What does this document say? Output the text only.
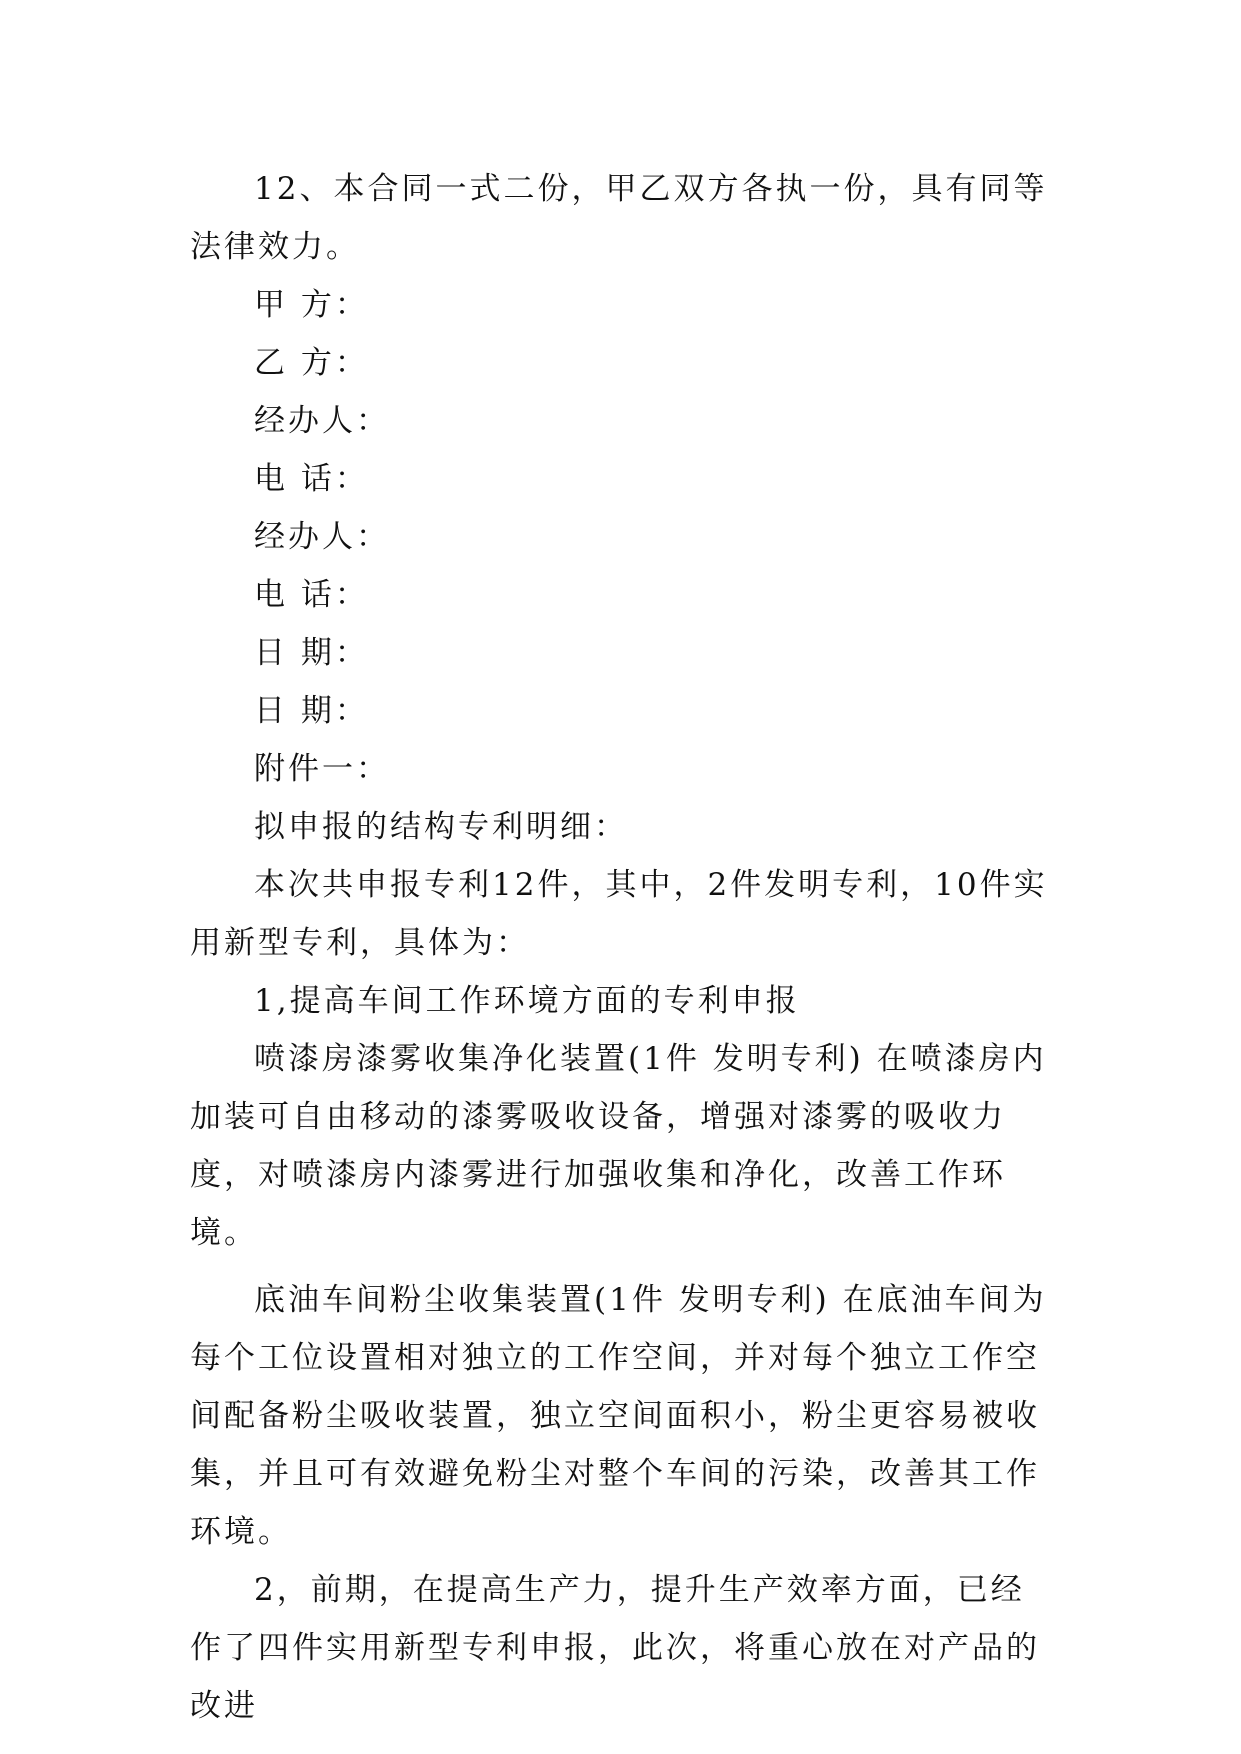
12、本合同一式二份，甲乙双方各执一份，具有同等法律效力。

甲 方：

乙 方：

经办人：

电 话：

经办人：

电 话：

日 期：

日 期：

附件一：

拟申报的结构专利明细：

本次共申报专利12件，其中，2件发明专利，10件实用新型专利，具体为：

1,提高车间工作环境方面的专利申报

喷漆房漆雾收集净化装置(1件 发明专利) 在喷漆房内加装可自由移动的漆雾吸收设备，增强对漆雾的吸收力度，对喷漆房内漆雾进行加强收集和净化，改善工作环境。

底油车间粉尘收集装置(1件 发明专利) 在底油车间为每个工位设置相对独立的工作空间，并对每个独立工作空间配备粉尘吸收装置，独立空间面积小，粉尘更容易被收集，并且可有效避免粉尘对整个车间的污染，改善其工作环境。

2，前期，在提高生产力，提升生产效率方面，已经作了四件实用新型专利申报，此次，将重心放在对产品的改进
